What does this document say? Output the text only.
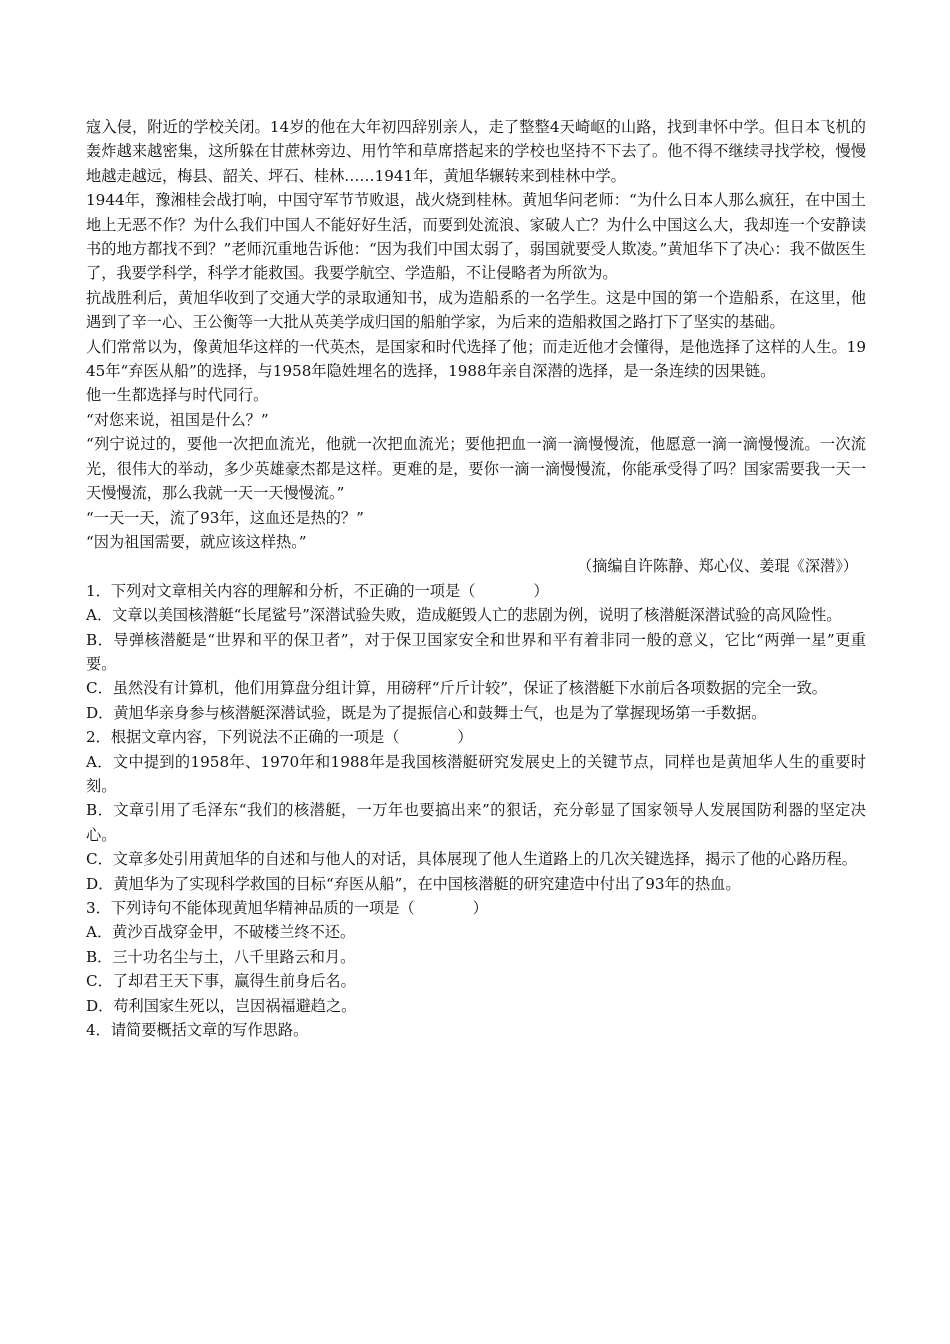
寇入侵，附近的学校关闭。14岁的他在大年初四辞别亲人，走了整整4天崎岖的山路，找到聿怀中学。但日本飞机的轰炸越来越密集，这所躲在甘蔗林旁边、用竹竿和草席搭起来的学校也坚持不下去了。他不得不继续寻找学校，慢慢地越走越远，梅县、韶关、坪石、桂林……1941年，黄旭华辗转来到桂林中学。

1944年，豫湘桂会战打响，中国守军节节败退，战火烧到桂林。黄旭华问老师：“为什么日本人那么疯狂，在中国土地上无恶不作？为什么我们中国人不能好好生活，而要到处流浪、家破人亡？为什么中国这么大，我却连一个安静读书的地方都找不到？”老师沉重地告诉他：“因为我们中国太弱了，弱国就要受人欺凌。”黄旭华下了决心：我不做医生了，我要学科学，科学才能救国。我要学航空、学造船，不让侵略者为所欲为。

抗战胜利后，黄旭华收到了交通大学的录取通知书，成为造船系的一名学生。这是中国的第一个造船系，在这里，他遇到了辛一心、王公衡等一大批从英美学成归国的船舶学家，为后来的造船救国之路打下了坚实的基础。

人们常常以为，像黄旭华这样的一代英杰，是国家和时代选择了他；而走近他才会懂得，是他选择了这样的人生。1945年“弃医从船”的选择，与1958年隐姓埋名的选择，1988年亲自深潜的选择，是一条连续的因果链。

他一生都选择与时代同行。

“对您来说，祖国是什么？”

“列宁说过的，要他一次把血流光，他就一次把血流光；要他把血一滴一滴慢慢流，他愿意一滴一滴慢慢流。一次流光，很伟大的举动，多少英雄豪杰都是这样。更难的是，要你一滴一滴慢慢流，你能承受得了吗？国家需要我一天一天慢慢流，那么我就一天一天慢慢流。”

“一天一天，流了93年，这血还是热的？”

“因为祖国需要，就应该这样热。”

（摘编自许陈静、郑心仪、姜琨《深潜》）

1．下列对文章相关内容的理解和分析，不正确的一项是（	）

A．文章以美国核潜艇“长尾鲨号”深潜试验失败，造成艇毁人亡的悲剧为例，说明了核潜艇深潜试验的高风险性。

B．导弹核潜艇是“世界和平的保卫者”，对于保卫国家安全和世界和平有着非同一般的意义，它比“两弹一星”更重要。

C．虽然没有计算机，他们用算盘分组计算，用磅秤“斤斤计较”，保证了核潜艇下水前后各项数据的完全一致。

D．黄旭华亲身参与核潜艇深潜试验，既是为了提振信心和鼓舞士气，也是为了掌握现场第一手数据。

2．根据文章内容，下列说法不正确的一项是（	）

A．文中提到的1958年、1970年和1988年是我国核潜艇研究发展史上的关键节点，同样也是黄旭华人生的重要时刻。

B．文章引用了毛泽东“我们的核潜艇，一万年也要搞出来”的狠话，充分彰显了国家领导人发展国防利器的坚定决心。

C．文章多处引用黄旭华的自述和与他人的对话，具体展现了他人生道路上的几次关键选择，揭示了他的心路历程。

D．黄旭华为了实现科学救国的目标“弃医从船”，在中国核潜艇的研究建造中付出了93年的热血。

3．下列诗句不能体现黄旭华精神品质的一项是（	）

A．黄沙百战穿金甲，不破楼兰终不还。

B．三十功名尘与土，八千里路云和月。

C．了却君王天下事，赢得生前身后名。

D．苟利国家生死以，岂因祸福避趋之。

4．请简要概括文章的写作思路。
